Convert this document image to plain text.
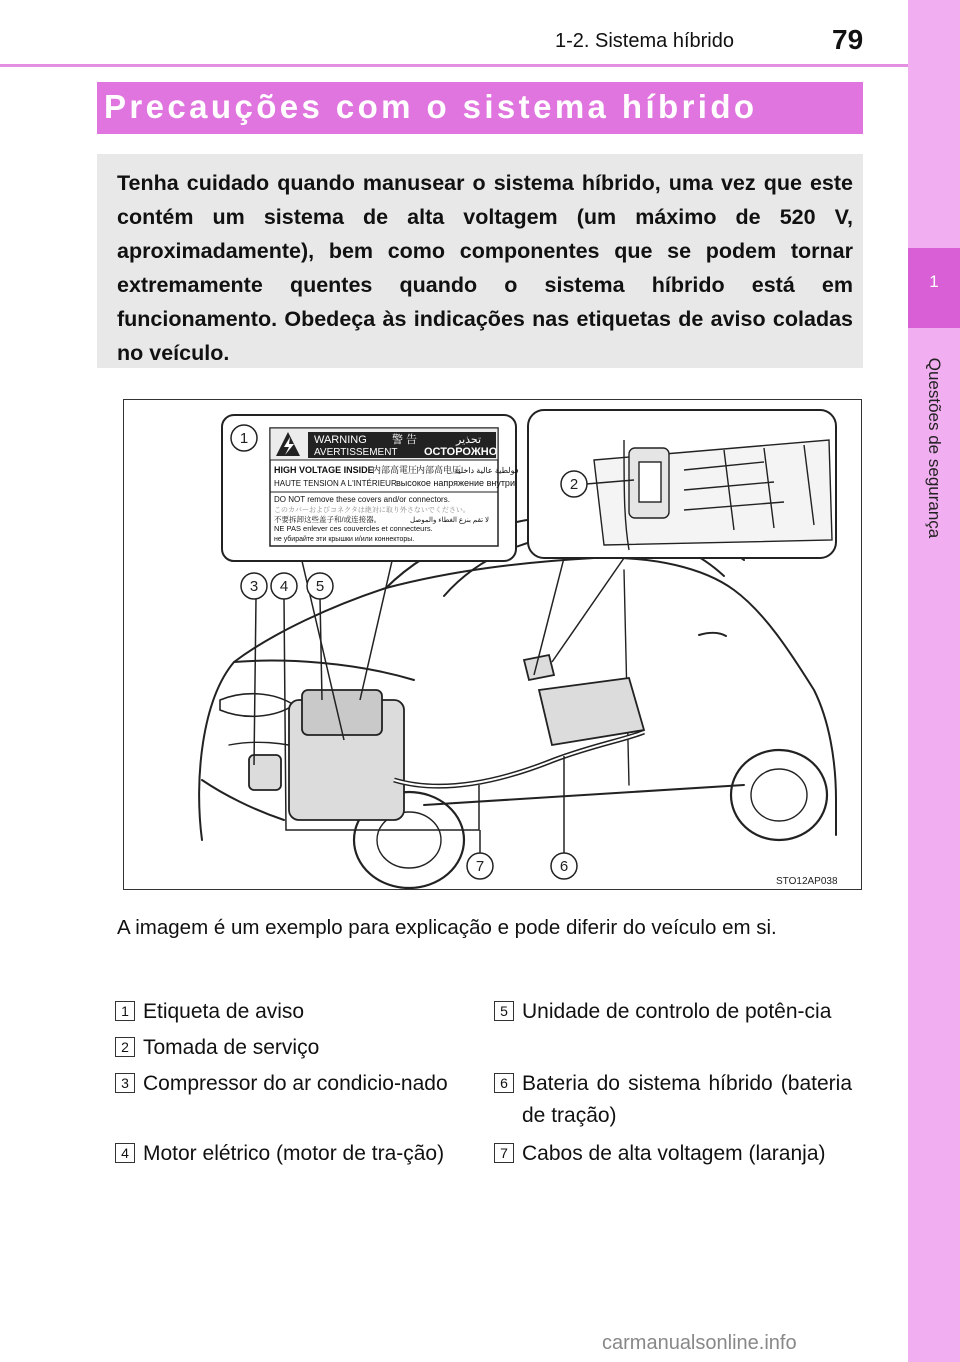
1-2. Sistema híbrido	79
1
Questões de segurança
Precauções com o sistema híbrido
Tenha cuidado quando manusear o sistema híbrido, uma vez que este contém um sistema de alta voltagem (um máximo de 520 V, aproximadamente), bem como componentes que se podem tornar extremamente quentes quando o sistema híbrido está em funcionamento. Obedeça às indicações nas etiquetas de aviso coladas no veículo.
WARNING 警 告	تحذير
AVERTISSEMENT ОСТОРОЖНО
HIGH VOLTAGE INSIDE
内部高電圧
内部高电压
فولطية عالية داخلية
HAUTE TENSION A L'INTÉRIEUR высокое напряжение внутри
DO NOT remove these covers and/or connectors.
このカバーおよびコネクタは絶対に取り外さないでください。
不要拆卸这些盖子和/或连接器。	لا تقم بنزع الغطاء والموصل
NE PAS enlever ces couvercles et connecteurs.
не убирайте эти крышки и/или коннекторы.
1
2
3 4 5
6
7
STO12AP038
A imagem é um exemplo para explicação e pode diferir do veículo em si.
1 Etiqueta de aviso
2 Tomada de serviço
3 Compressor do ar condicio-nado
4 Motor elétrico (motor de tra-ção)
5 Unidade de controlo de potên-cia
6 Bateria do sistema híbrido (bateria de tração)
7 Cabos de alta voltagem (laranja)
carmanualsonline.info
